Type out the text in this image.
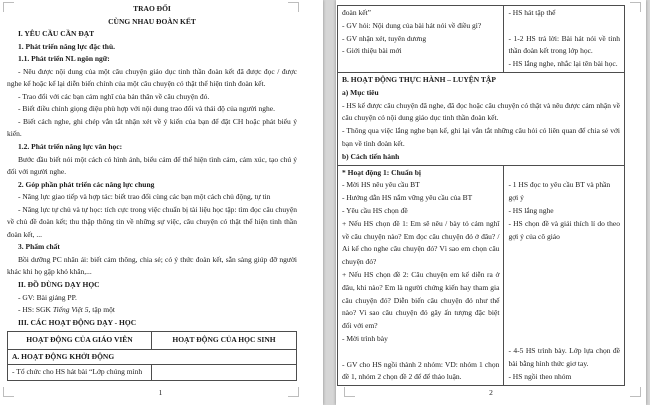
TRAO ĐỔI

CÙNG NHAU ĐOÀN KẾT

I. YÊU CẦU CẦN ĐẠT

1. Phát triển năng lực đặc thù.

1.1. Phát triển NL ngôn ngữ:

- Nêu được nội dung của một câu chuyện giáo dục tinh thần đoàn kết đã được đọc / được nghe kể hoặc kể lại diễn biến chính của một câu chuyện có thật thể hiện tình đoàn kết.

- Trao đổi với các bạn cảm nghĩ của bản thân về câu chuyện đó.

- Biết điều chỉnh giọng điệu phù hợp với nội dung trao đổi và thái độ của người nghe.

- Biết cách nghe, ghi chép vắn tắt nhận xét về ý kiến của bạn để đặt CH hoặc phát biểu ý kiến.

1.2. Phát triển năng lực văn học:

Bước đầu biết nói một cách có hình ảnh, biểu cảm để thể hiện tình cảm, cảm xúc, tạo chú ý đối với người nghe.

2. Góp phần phát triển các năng lực chung

- Năng lực giao tiếp và hợp tác: biết trao đổi cùng các bạn một cách chủ động, tự tin

- Năng lực tự chủ và tự học: tích cực trong việc chuẩn bị tài liệu học tập: tìm đọc câu chuyện về chủ đề đoàn kết; thu thập thông tin về những sự việc, câu chuyện có thật thể hiện tinh thần đoàn kết, ...

3. Phẩm chất

Bồi dưỡng PC nhân ái: biết cảm thông, chia sẻ; có ý thức đoàn kết, sẵn sàng giúp đỡ người khác khi họ gặp khó khăn,...

II. ĐỒ DÙNG DẠY HỌC

- GV: Bài giảng PP.

- HS: SGK Tiếng Việt 5, tập một

III. CÁC HOẠT ĐỘNG DẠY - HỌC

HOẠT ĐỘNG CỦA GIÁO VIÊN	HOẠT ĐỘNG CỦA HỌC SINH
A. HOẠT ĐỘNG KHỞI ĐỘNG
- Tổ chức cho HS hát bài “Lớp chúng mình
1

đoàn kết”

- GV hỏi: Nội dung của bài hát nói về điều gì?

- GV nhận xét, tuyên dương

- Giới thiệu bài mới

- HS hát tập thể

- 1-2 HS trả lời: Bài hát nói về tinh thần đoàn kết trong lớp học.

- HS lắng nghe, nhắc lại tên bài học.

B. HOẠT ĐỘNG THỰC HÀNH – LUYỆN TẬP

a) Mục tiêu

- HS kể được câu chuyện đã nghe, đã đọc hoặc câu chuyện có thật và nêu được cảm nhận về câu chuyện có nội dung giáo dục tinh thần đoàn kết.

- Thông qua việc lắng nghe bạn kể, ghi lại vắn tắt những câu hỏi có liên quan để chia sẻ với bạn về tình đoàn kết.

b) Cách tiến hành

* Hoạt động 1: Chuẩn bị

- Mời HS nêu yêu cầu BT

- Hướng dẫn HS nắm vững yêu cầu của BT

- Yêu cầu HS chọn đề

+ Nếu HS chọn đề 1: Em sẽ nêu / bày tỏ cảm nghĩ về câu chuyện nào? Em đọc câu chuyện đó ở đâu? / Ai kể cho nghe câu chuyện đó? Vì sao em chọn câu chuyện đó?

+ Nếu HS chọn đề 2: Câu chuyện em kể diễn ra ở đâu, khi nào? Em là người chứng kiến hay tham gia câu chuyện đó? Diễn biến câu chuyện đó như thế nào? Vì sao câu chuyện đó gây ấn tượng đặc biệt đối với em?

- Mời trình bày

- GV cho HS ngồi thành 2 nhóm: VD: nhóm 1 chọn đề 1, nhóm 2 chọn đề 2 để để thảo luận.

- 1 HS đọc to yêu cầu BT và phần gợi ý

- HS lắng nghe

- HS chọn đề và giải thích lí do theo gợi ý của cô giáo

- 4-5 HS trình bày. Lớp lựa chọn đề bài bằng hình thức giơ tay.

- HS ngồi theo nhóm

2
